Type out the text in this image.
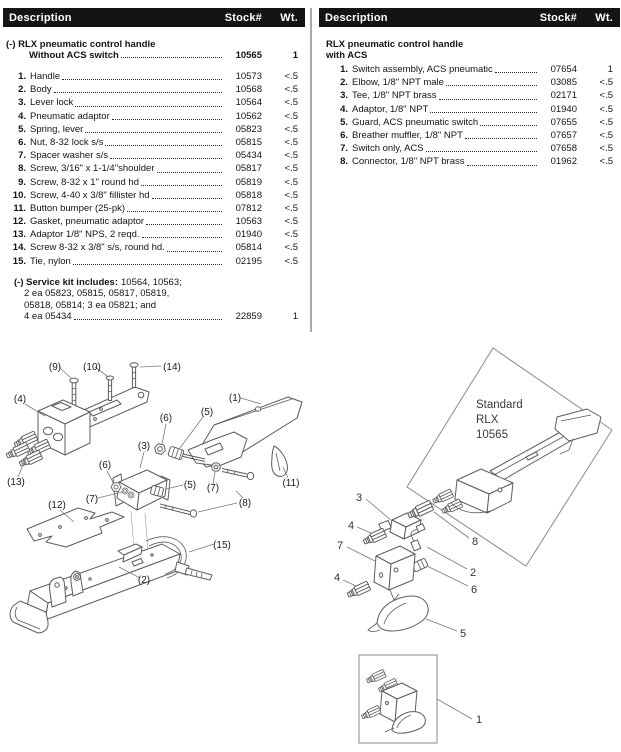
Description	Stock#	Wt.
(-) RLX pneumatic control handle
Without ACS switch	10565	1
1. Handle	10573	<.5
2. Body	10568	<.5
3. Lever lock	10564	<.5
4. Pneumatic adaptor	10562	<.5
5. Spring, lever	05823	<.5
6. Nut, 8-32 lock s/s	05815	<.5
7. Spacer washer s/s	05434	<.5
8. Screw, 3/16" x 1-1/4"shoulder	05817	<.5
9. Screw, 8-32 x 1" round hd	05819	<.5
10. Screw, 4-40 x 3/8" fillister hd	05818	<.5
11. Button bumper (25-pk)	07812	<.5
12. Gasket, pneumatic adaptor	10563	<.5
13. Adaptor 1/8" NPS, 2 reqd.	01940	<.5
14. Screw 8-32 x 3/8" s/s, round hd.	05814	<.5
15. Tie, nylon	02195	<.5
(-) Service kit includes: 10564, 10563;
2 ea 05823, 05815, 05817, 05819,
05818, 05814; 3 ea 05821; and
4 ea 05434	22859	1
Description	Stock#	Wt.
RLX pneumatic control handle
with ACS
1. Switch assembly, ACS pneumatic	07654	1
2. Elbow, 1/8" NPT male	03085	<.5
3. Tee, 1/8" NPT brass	02171	<.5
4. Adaptor, 1/8" NPT	01940	<.5
5. Guard, ACS pneumatic switch	07655	<.5
6. Breather muffler, 1/8" NPT	07657	<.5
7. Switch only, ACS	07658	<.5
8. Connector, 1/8" NPT brass	01962	<.5
(9) (10)	(14)
(4)	(1)
(6)
(5)
(3)
(6)
(5)
(7)
(7)
(8)
(11)
(13)
(12)
(2)
(15)
Standard
RLX
10565
3
4
7
4
8
2
6
5
1
